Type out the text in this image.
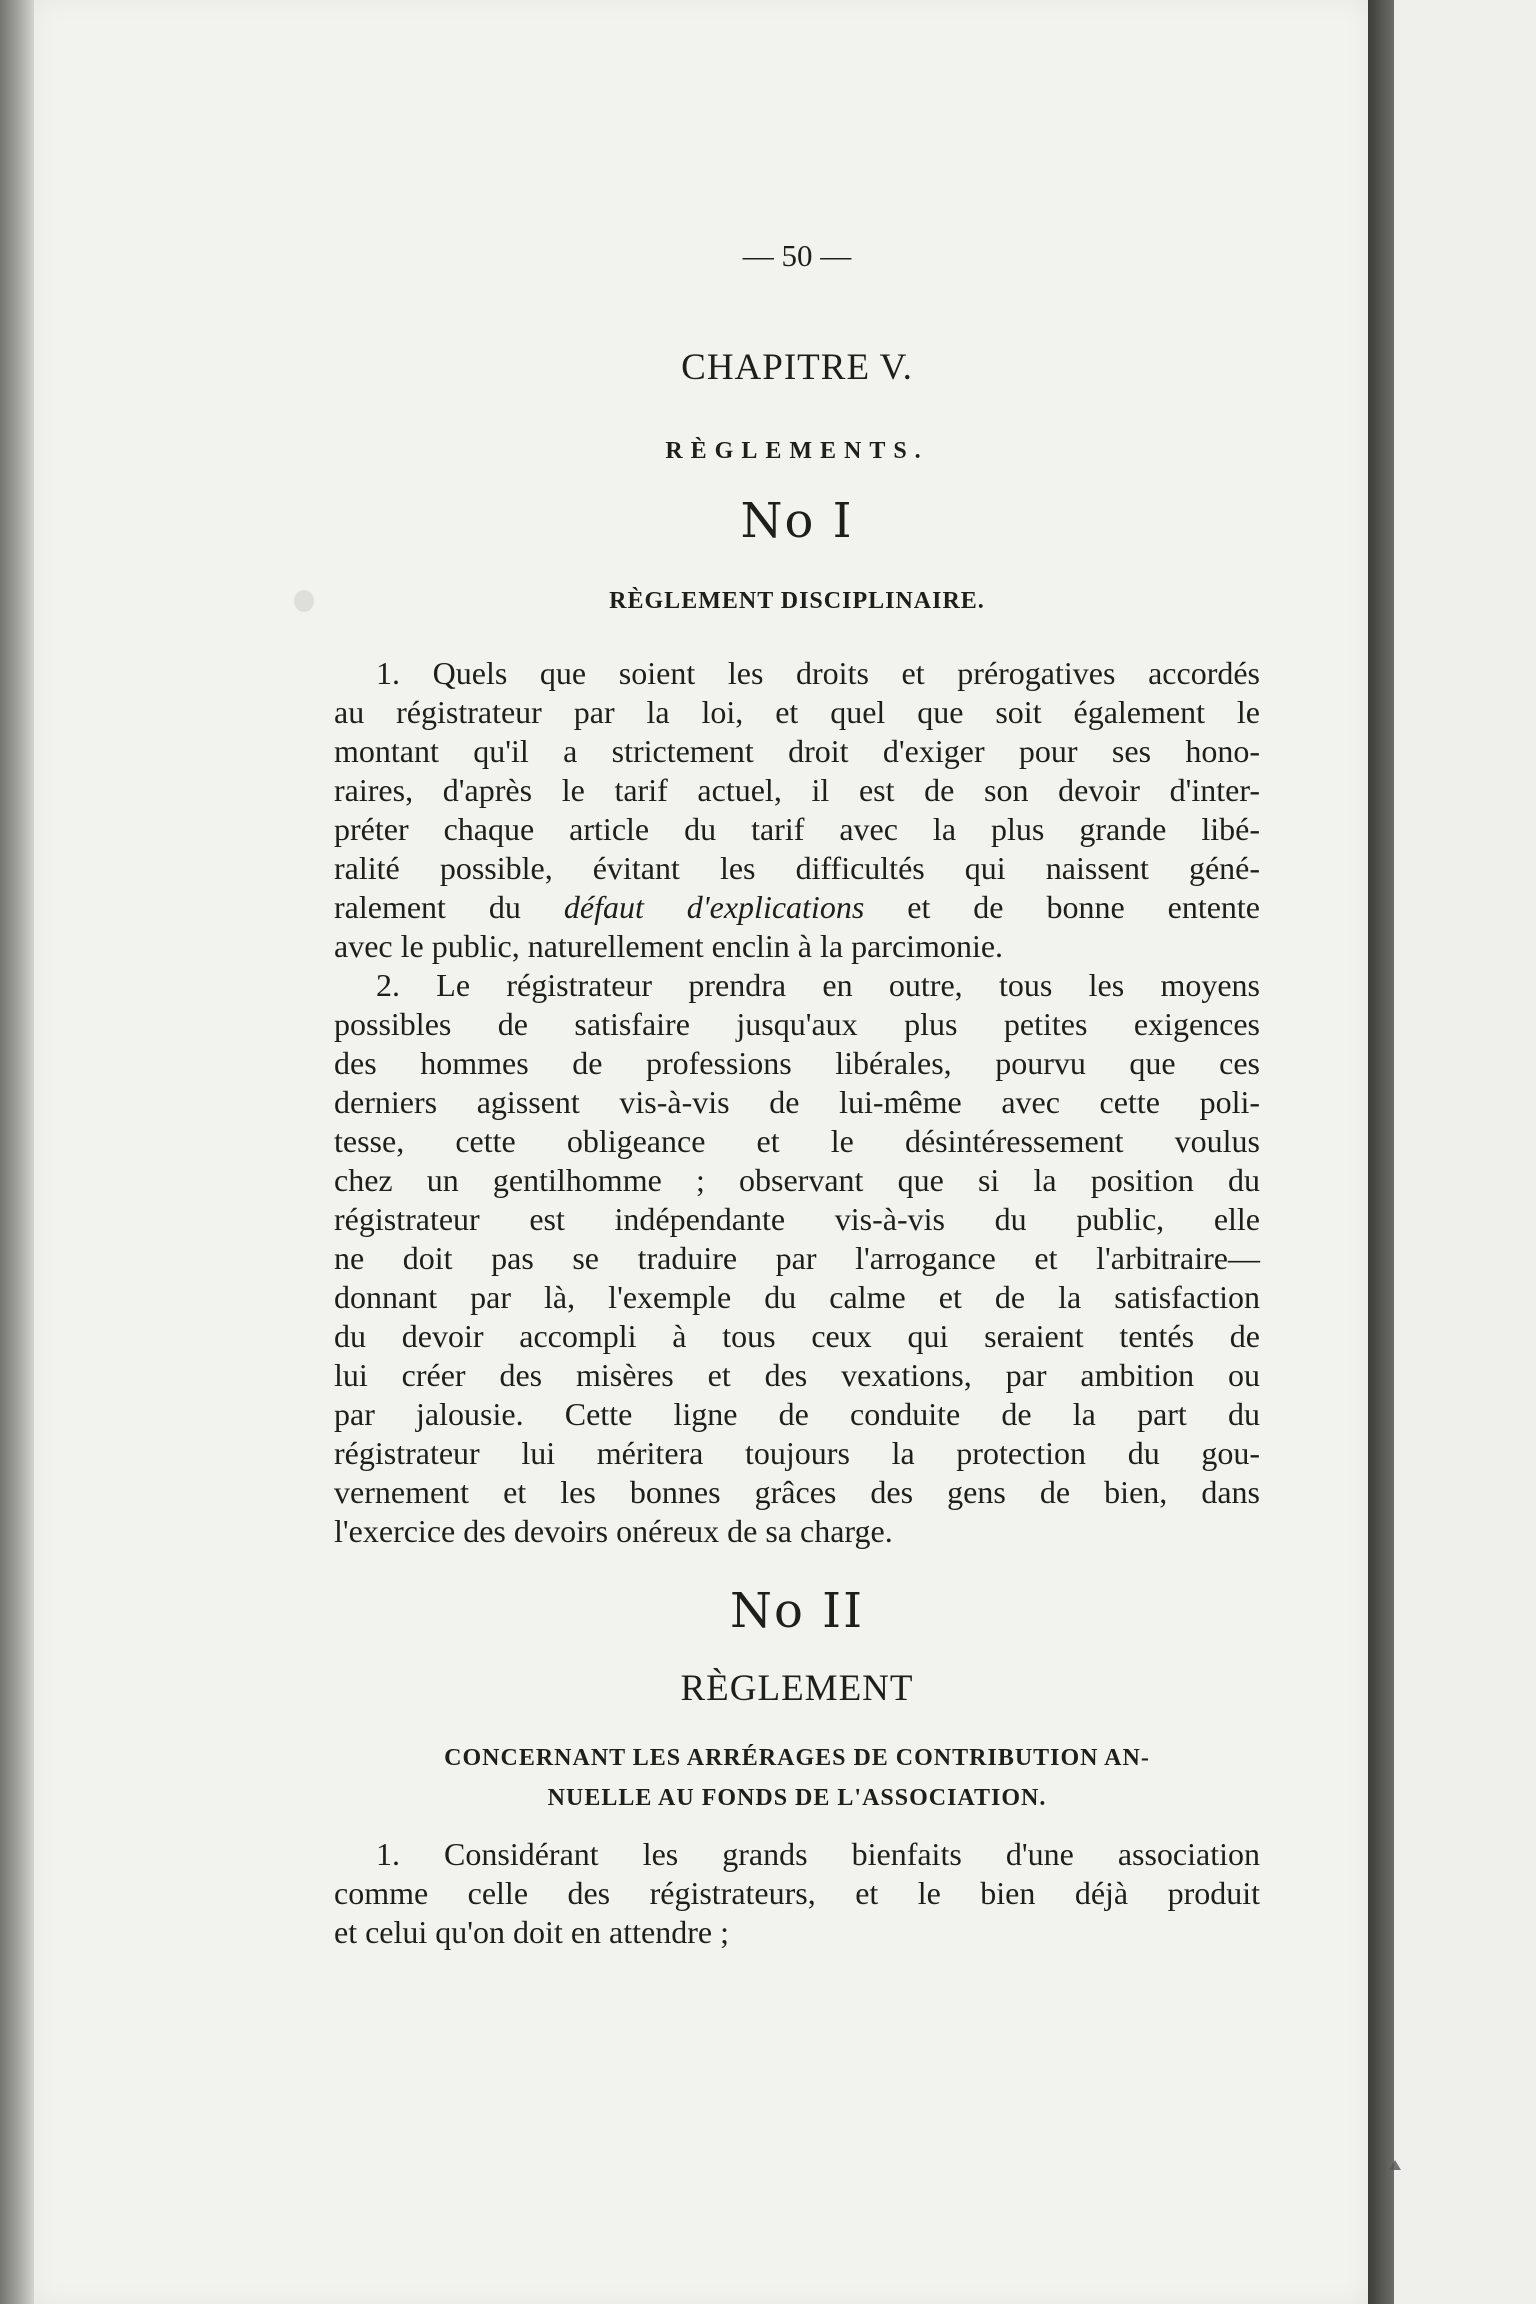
— 50 —
CHAPITRE V.
RÈGLEMENTS.
No I
RÈGLEMENT DISCIPLINAIRE.
1. Quels que soient les droits et prérogatives accordés
au régistrateur par la loi, et quel que soit également le
montant qu'il a strictement droit d'exiger pour ses hono-
raires, d'après le tarif actuel, il est de son devoir d'inter-
préter chaque article du tarif avec la plus grande libé-
ralité possible, évitant les difficultés qui naissent géné-
ralement du défaut d'explications et de bonne entente
avec le public, naturellement enclin à la parcimonie.
2. Le régistrateur prendra en outre, tous les moyens
possibles de satisfaire jusqu'aux plus petites exigences
des hommes de professions libérales, pourvu que ces
derniers agissent vis-à-vis de lui-même avec cette poli-
tesse, cette obligeance et le désintéressement voulus
chez un gentilhomme ; observant que si la position du
régistrateur est indépendante vis-à-vis du public, elle
ne doit pas se traduire par l'arrogance et l'arbitraire—
donnant par là, l'exemple du calme et de la satisfaction
du devoir accompli à tous ceux qui seraient tentés de
lui créer des misères et des vexations, par ambition ou
par jalousie. Cette ligne de conduite de la part du
régistrateur lui méritera toujours la protection du gou-
vernement et les bonnes grâces des gens de bien, dans
l'exercice des devoirs onéreux de sa charge.
No II
RÈGLEMENT
CONCERNANT LES ARRÉRAGES DE CONTRIBUTION AN-
NUELLE AU FONDS DE L'ASSOCIATION.
1. Considérant les grands bienfaits d'une association
comme celle des régistrateurs, et le bien déjà produit
et celui qu'on doit en attendre ;
